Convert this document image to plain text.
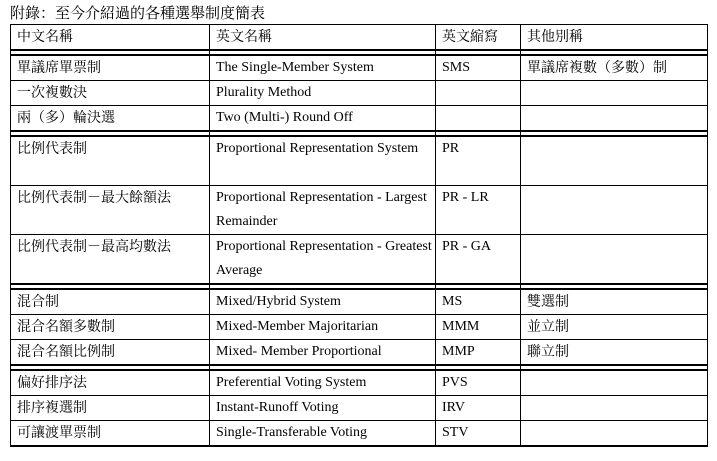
附錄：至今介紹過的各種選舉制度簡表
中文名稱	英文名稱	英文縮寫	其他別稱

單議席單票制	The Single-Member System	SMS	單議席複數（多數）制
一次複數決	Plurality Method		
兩（多）輪決選	Two (Multi-) Round Off		

比例代表制	Proportional Representation System	PR	
比例代表制－最大餘額法	Proportional Representation - Largest Remainder	PR - LR	
比例代表制－最高均數法	Proportional Representation - Greatest Average	PR - GA	

混合制	Mixed/Hybrid System	MS	雙選制
混合名額多數制	Mixed-Member Majoritarian	MMM	並立制
混合名額比例制	Mixed- Member Proportional	MMP	聯立制

偏好排序法	Preferential Voting System	PVS	
排序複選制	Instant-Runoff Voting	IRV	
可讓渡單票制	Single-Transferable Voting	STV	
